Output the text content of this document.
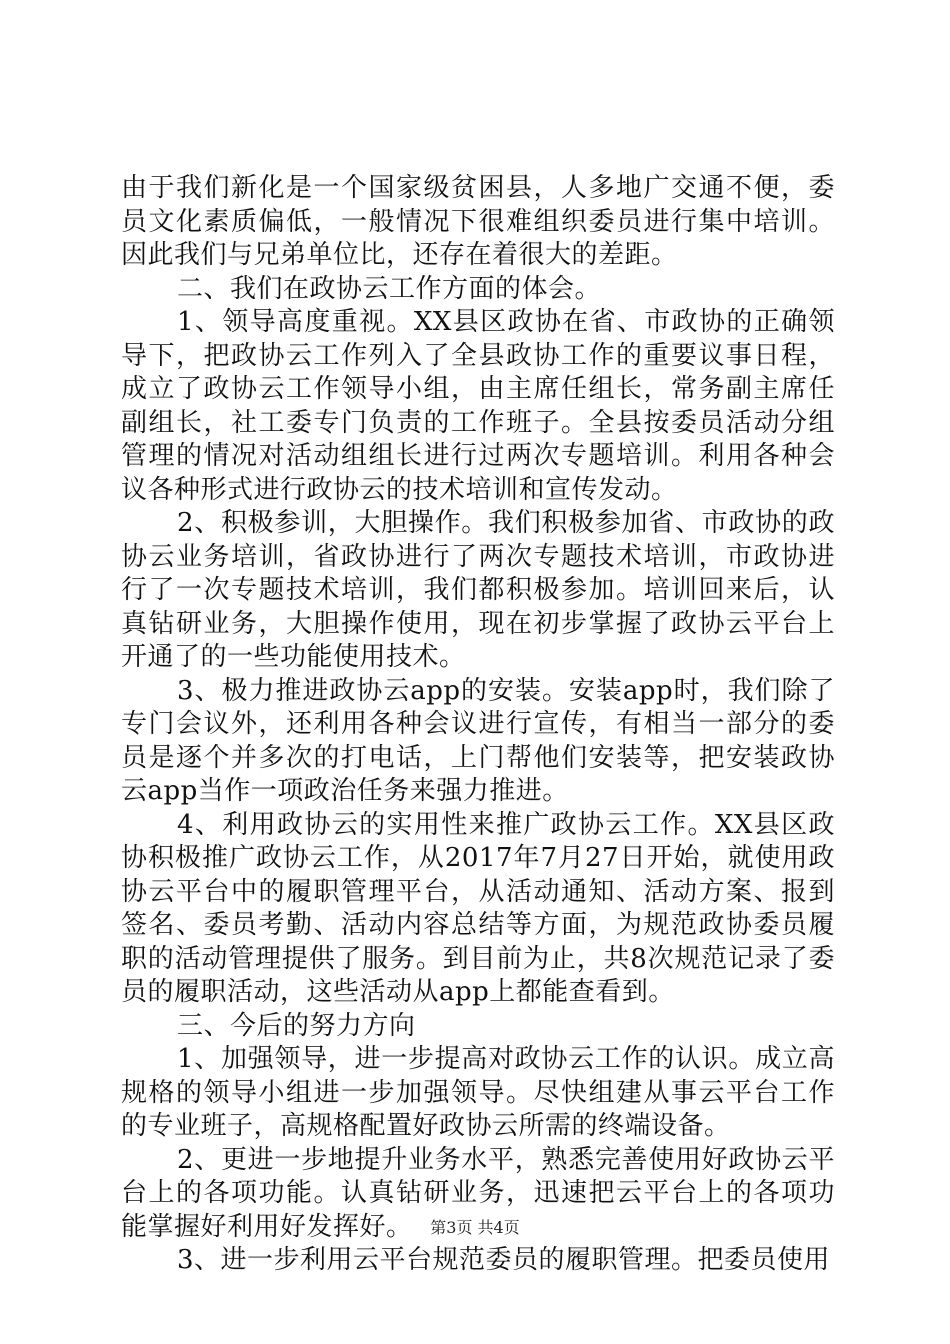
由于我们新化是一个国家级贫困县，人多地广交通不便，委员文化素质偏低，一般情况下很难组织委员进行集中培训。因此我们与兄弟单位比，还存在着很大的差距。

二、我们在政协云工作方面的体会。

1、领导高度重视。XX县区政协在省、市政协的正确领导下，把政协云工作列入了全县政协工作的重要议事日程，成立了政协云工作领导小组，由主席任组长，常务副主席任副组长，社工委专门负责的工作班子。全县按委员活动分组管理的情况对活动组组长进行过两次专题培训。利用各种会议各种形式进行政协云的技术培训和宣传发动。

2、积极参训，大胆操作。我们积极参加省、市政协的政协云业务培训，省政协进行了两次专题技术培训，市政协进行了一次专题技术培训，我们都积极参加。培训回来后，认真钻研业务，大胆操作使用，现在初步掌握了政协云平台上开通了的一些功能使用技术。

3、极力推进政协云app的安装。安装app时，我们除了专门会议外，还利用各种会议进行宣传，有相当一部分的委员是逐个并多次的打电话，上门帮他们安装等，把安装政协云app当作一项政治任务来强力推进。

4、利用政协云的实用性来推广政协云工作。XX县区政协积极推广政协云工作，从2017年7月27日开始，就使用政协云平台中的履职管理平台，从活动通知、活动方案、报到签名、委员考勤、活动内容总结等方面，为规范政协委员履职的活动管理提供了服务。到目前为止，共8次规范记录了委员的履职活动，这些活动从app上都能查看到。

三、今后的努力方向

1、加强领导，进一步提高对政协云工作的认识。成立高规格的领导小组进一步加强领导。尽快组建从事云平台工作的专业班子，高规格配置好政协云所需的终端设备。

2、更进一步地提升业务水平，熟悉完善使用好政协云平台上的各项功能。认真钻研业务，迅速把云平台上的各项功能掌握好利用好发挥好。

3、进一步利用云平台规范委员的履职管理。把委员使用

第3页 共4页
